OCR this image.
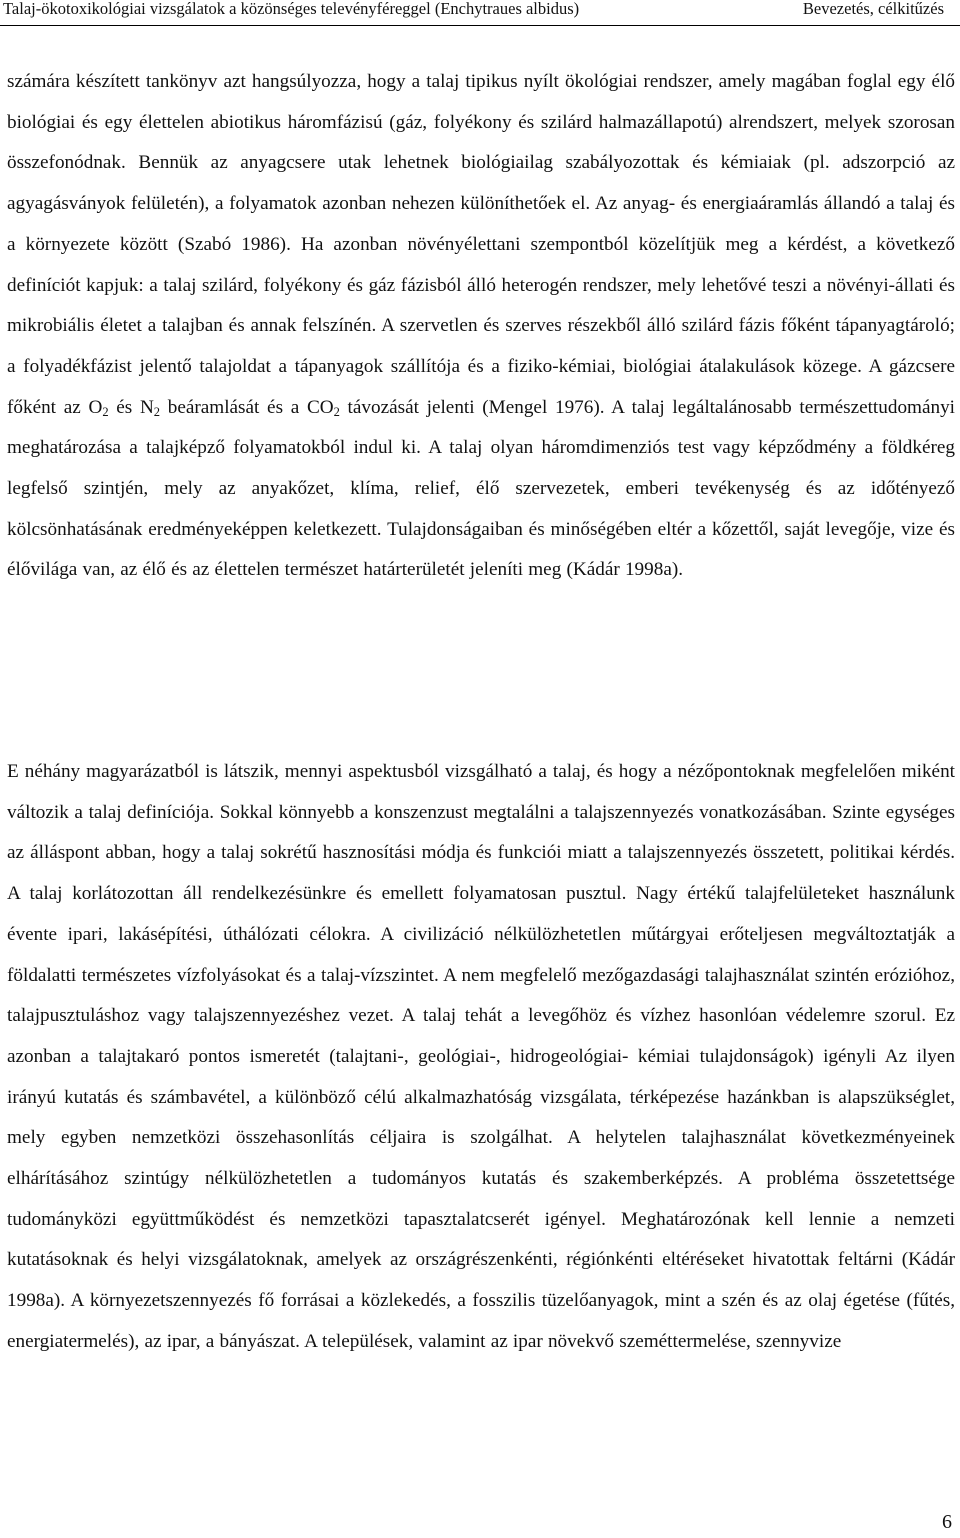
Talaj-ökotoxikológiai vizsgálatok a közönséges televényféreggel (Enchytraues albidus)	Bevezetés, célkitűzés
számára készített tankönyv azt hangsúlyozza, hogy a talaj tipikus nyílt ökológiai rendszer, amely magában foglal egy élő biológiai és egy élettelen abiotikus háromfázisú (gáz, folyékony és szilárd halmazállapotú) alrendszert, melyek szorosan összefonódnak. Bennük az anyagcsere utak lehetnek biológiailag szabályozottak és kémiaiak (pl. adszorpció az agyagásványok felületén), a folyamatok azonban nehezen különíthetőek el. Az anyag- és energiaáramlás állandó a talaj és a környezete között (Szabó 1986). Ha azonban növényélettani szempontból közelítjük meg a kérdést, a következő definíciót kapjuk: a talaj szilárd, folyékony és gáz fázisból álló heterogén rendszer, mely lehetővé teszi a növényi-állati és mikrobiális életet a talajban és annak felszínén. A szervetlen és szerves részekből álló szilárd fázis főként tápanyagtároló; a folyadékfázist jelentő talajoldat a tápanyagok szállítója és a fiziko-kémiai, biológiai átalakulások közege. A gázcsere főként az $O_2$ és $N_2$ beáramlását és a $CO_2$ távozását jelenti (Mengel 1976). A talaj legáltalánosabb természettudományi meghatározása a talajképző folyamatokból indul ki. A talaj olyan háromdimenziós test vagy képződmény a földkéreg legfelső szintjén, mely az anyakőzet, klíma, relief, élő szervezetek, emberi tevékenység és az időtényező kölcsönhatásának eredményeképpen keletkezett. Tulajdonságaiban és minőségében eltér a kőzettől, saját levegője, vize és élővilága van, az élő és az élettelen természet határterületét jeleníti meg (Kádár 1998a).
E néhány magyarázatból is látszik, mennyi aspektusból vizsgálható a talaj, és hogy a nézőpontoknak megfelelően miként változik a talaj definíciója. Sokkal könnyebb a konszenzust megtalálni a talajszennyezés vonatkozásában. Szinte egységes az álláspont abban, hogy a talaj sokrétű hasznosítási módja és funkciói miatt a talajszennyezés összetett, politikai kérdés. A talaj korlátozottan áll rendelkezésünkre és emellett folyamatosan pusztul. Nagy értékű talajfelületeket használunk évente ipari, lakásépítési, úthálózati célokra. A civilizáció nélkülözhetetlen műtárgyai erőteljesen megváltoztatják a földalatti természetes vízfolyásokat és a talaj-vízszintet. A nem megfelelő mezőgazdasági talajhasználat szintén erózióhoz, talajpusztuláshoz vagy talajszennyezéshez vezet. A talaj tehát a levegőhöz és vízhez hasonlóan védelemre szorul. Ez azonban a talajtakaró pontos ismeretét (talajtani-, geológiai-, hidrogeológiai- kémiai tulajdonságok) igényli Az ilyen irányú kutatás és számbavétel, a különböző célú alkalmazhatóság vizsgálata, térképezése hazánkban is alapszükséglet, mely egyben nemzetközi összehasonlítás céljaira is szolgálhat. A helytelen talajhasználat következményeinek elhárításához szintúgy nélkülözhetetlen a tudományos kutatás és szakemberképzés. A probléma összetettsége tudományközi együttműködést és nemzetközi tapasztalatcserét igényel. Meghatározónak kell lennie a nemzeti kutatásoknak és helyi vizsgálatoknak, amelyek az országrészenkénti, régiónkénti eltéréseket hivatottak feltárni (Kádár 1998a). A környezetszennyezés fő forrásai a közlekedés, a fosszilis tüzelőanyagok, mint a szén és az olaj égetése (fűtés, energiatermelés), az ipar, a bányászat. A települések, valamint az ipar növekvő szeméttermelése, szennyvize
6
